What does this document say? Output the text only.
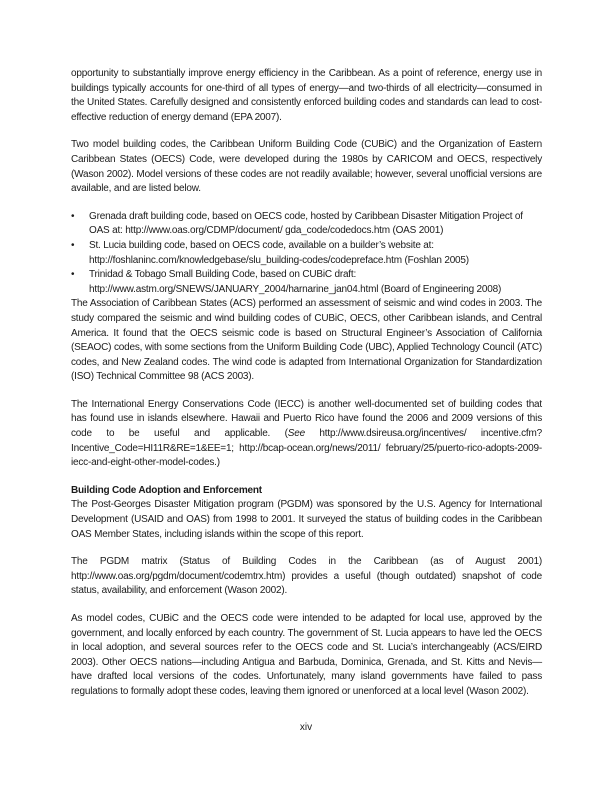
opportunity to substantially improve energy efficiency in the Caribbean. As a point of reference, energy use in buildings typically accounts for one-third of all types of energy—and two-thirds of all electricity—consumed in the United States. Carefully designed and consistently enforced building codes and standards can lead to cost-effective reduction of energy demand (EPA 2007).

Two model building codes, the Caribbean Uniform Building Code (CUBiC) and the Organization of Eastern Caribbean States (OECS) Code, were developed during the 1980s by CARICOM and OECS, respectively (Wason 2002). Model versions of these codes are not readily available; however, several unofficial versions are available, and are listed below.

• Grenada draft building code, based on OECS code, hosted by Caribbean Disaster Mitigation Project of OAS at: http://www.oas.org/CDMP/document/ gda_code/codedocs.htm (OAS 2001)
• St. Lucia building code, based on OECS code, available on a builder’s website at: http://foshlaninc.com/knowledgebase/slu_building-codes/codepreface.htm (Foshlan 2005)
• Trinidad & Tobago Small Building Code, based on CUBiC draft: http://www.astm.org/SNEWS/JANUARY_2004/harnarine_jan04.html (Board of Engineering 2008)

The Association of Caribbean States (ACS) performed an assessment of seismic and wind codes in 2003. The study compared the seismic and wind building codes of CUBiC, OECS, other Caribbean islands, and Central America. It found that the OECS seismic code is based on Structural Engineer’s Association of California (SEAOC) codes, with some sections from the Uniform Building Code (UBC), Applied Technology Council (ATC) codes, and New Zealand codes. The wind code is adapted from International Organization for Standardization (ISO) Technical Committee 98 (ACS 2003).

The International Energy Conservations Code (IECC) is another well-documented set of building codes that has found use in islands elsewhere. Hawaii and Puerto Rico have found the 2006 and 2009 versions of this code to be useful and applicable. (See http://www.dsireusa.org/incentives/ incentive.cfm?Incentive_Code=HI11R&RE=1&EE=1; http://bcap-ocean.org/news/2011/ february/25/puerto-rico-adopts-2009-iecc-and-eight-other-model-codes.)

Building Code Adoption and Enforcement

The Post-Georges Disaster Mitigation program (PGDM) was sponsored by the U.S. Agency for International Development (USAID and OAS) from 1998 to 2001. It surveyed the status of building codes in the Caribbean OAS Member States, including islands within the scope of this report.

The PGDM matrix (Status of Building Codes in the Caribbean (as of August 2001) http://www.oas.org/pgdm/document/codemtrx.htm) provides a useful (though outdated) snapshot of code status, availability, and enforcement (Wason 2002).

As model codes, CUBiC and the OECS code were intended to be adapted for local use, approved by the government, and locally enforced by each country. The government of St. Lucia appears to have led the OECS in local adoption, and several sources refer to the OECS code and St. Lucia’s interchangeably (ACS/EIRD 2003). Other OECS nations—including Antigua and Barbuda, Dominica, Grenada, and St. Kitts and Nevis—have drafted local versions of the codes. Unfortunately, many island governments have failed to pass regulations to formally adopt these codes, leaving them ignored or unenforced at a local level (Wason 2002).

xiv
